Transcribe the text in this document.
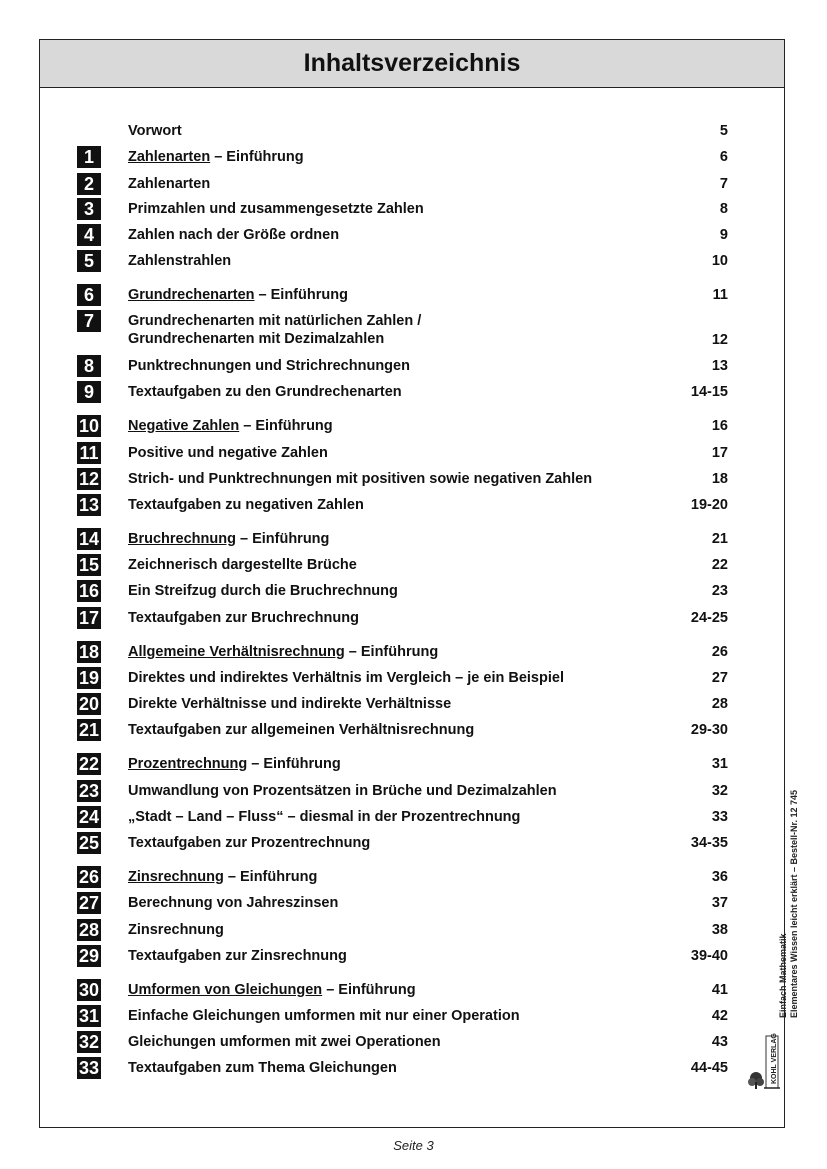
Inhaltsverzeichnis
Vorwort	5
1	Zahlenarten – Einführung	6
2	Zahlenarten	7
3	Primzahlen und zusammengesetzte Zahlen	8
4	Zahlen nach der Größe ordnen	9
5	Zahlenstrahlen	10
6	Grundrechenarten – Einführung	11
7	Grundrechenarten mit natürlichen Zahlen /
Grundrechenarten mit Dezimalzahlen	12
8	Punktrechnungen und Strichrechnungen	13
9	Textaufgaben zu den Grundrechenarten	14-15
10 Negative Zahlen – Einführung	16
11 Positive und negative Zahlen	17
12 Strich- und Punktrechnungen mit positiven sowie negativen Zahlen	18
13 Textaufgaben zu negativen Zahlen	19-20
14 Bruchrechnung – Einführung	21
15 Zeichnerisch dargestellte Brüche	22
16 Ein Streifzug durch die Bruchrechnung	23
17 Textaufgaben zur Bruchrechnung	24-25
18 Allgemeine Verhältnisrechnung – Einführung	26
19 Direktes und indirektes Verhältnis im Vergleich – je ein Beispiel	27
20 Direkte Verhältnisse und indirekte Verhältnisse	28
21 Textaufgaben zur allgemeinen Verhältnisrechnung	29-30
22 Prozentrechnung – Einführung	31
23 Umwandlung von Prozentsätzen in Brüche und Dezimalzahlen	32
24 „Stadt – Land – Fluss“ – diesmal in der Prozentrechnung	33
25 Textaufgaben zur Prozentrechnung	34-35
26 Zinsrechnung – Einführung	36
27 Berechnung von Jahreszinsen	37
28 Zinsrechnung	38
29 Textaufgaben zur Zinsrechnung	39-40
30 Umformen von Gleichungen – Einführung	41
31 Einfache Gleichungen umformen mit nur einer Operation	42
32 Gleichungen umformen mit zwei Operationen	43
33 Textaufgaben zum Thema Gleichungen	44-45
Einfach Mathematik Elementares Wissen leicht erklärt – Bestell-Nr. 12 745
KOHL VERLAG
Seite 3
